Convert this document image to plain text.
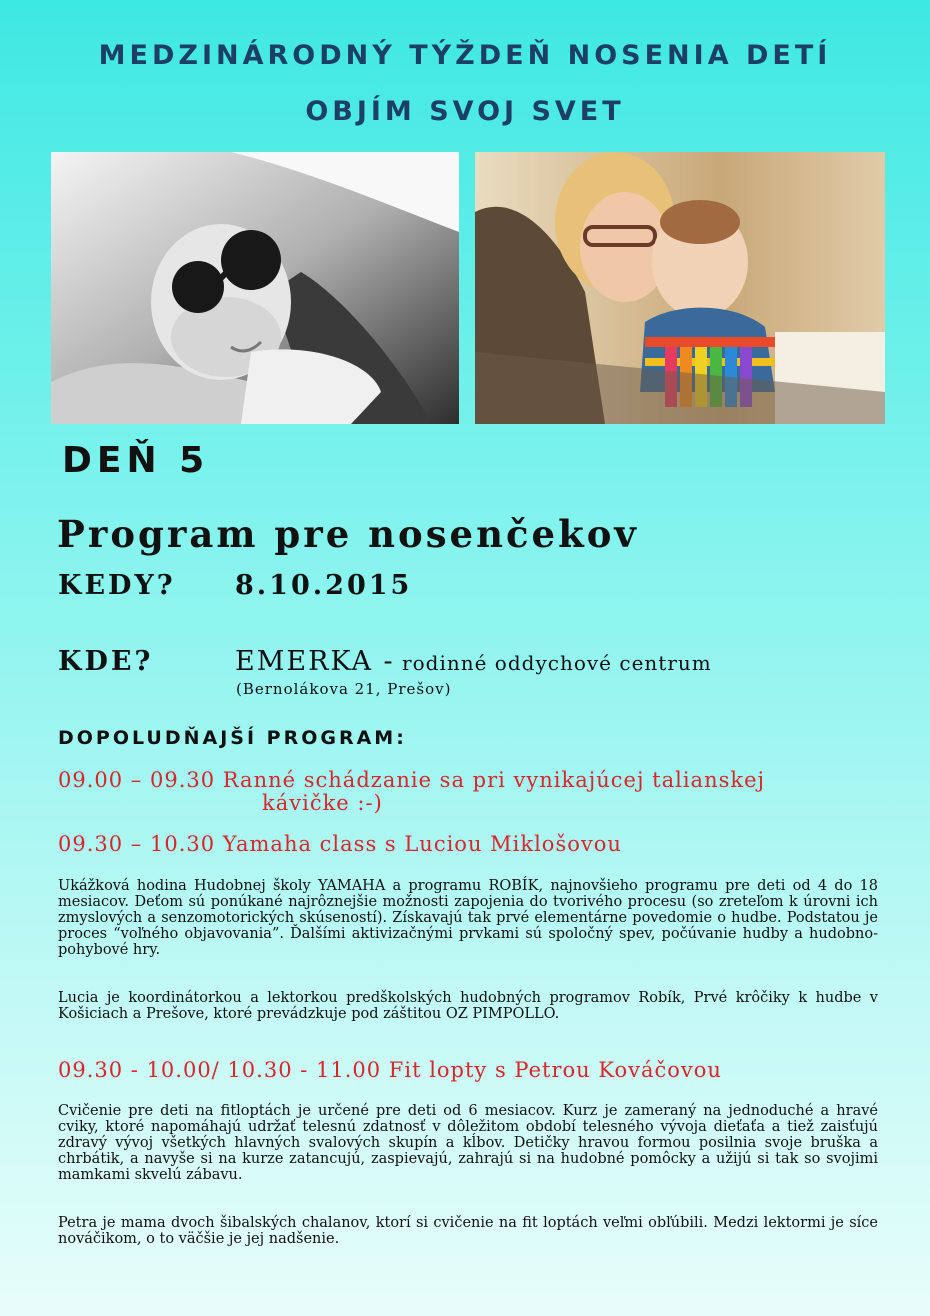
MEDZINÁRODNÝ TÝŽDEŇ NOSENIA DETÍ
OBJÍM SVOJ SVET
DEŇ 5
Program pre nosenčekov
KEDY? 8.10.2015
KDE?	EMERKA - rodinné oddychové centrum
(Bernolákova 21, Prešov)
DOPOLUDŇAJŠÍ PROGRAM:
09.00 – 09.30 Ranné schádzanie sa pri vynikajúcej talianskej
kávičke :-)
09.30 – 10.30 Yamaha class s Luciou Miklošovou
Ukážková hodina Hudobnej školy YAMAHA a programu ROBÍK, najnovšieho programu pre deti od 4 do 18 mesiacov. Deťom sú ponúkané najrôznejšie možnosti zapojenia do tvorivého procesu (so zreteľom k úrovni ich zmyslových a senzomotorických skúseností). Získavajú tak prvé elementárne povedomie o hudbe. Podstatou je proces “voľného objavovania”. Ďalšími aktivizačnými prvkami sú spoločný spev, počúvanie hudby a hudobno-pohybové hry.
Lucia je koordinátorkou a lektorkou predškolských hudobných programov Robík, Prvé krôčiky k hudbe v Košiciach a Prešove, ktoré prevádzkuje pod záštitou OZ PIMPOLLO.
09.30 - 10.00/ 10.30 - 11.00 Fit lopty s Petrou Kováčovou
Cvičenie pre deti na fitloptách je určené pre deti od 6 mesiacov. Kurz je zameraný na jednoduché a hravé cviky, ktoré napomáhajú udržať telesnú zdatnosť v dôležitom období telesného vývoja dieťaťa a tiež zaisťujú zdravý vývoj všetkých hlavných svalových skupín a kĺbov. Detičky hravou formou posilnia svoje bruška a chrbátik, a navyše si na kurze zatancujú, zaspievajú, zahrajú si na hudobné pomôcky a užijú si tak so svojimi mamkami skvelú zábavu.
Petra je mama dvoch šibalských chalanov, ktorí si cvičenie na fit loptách veľmi obľúbili. Medzi lektormi je síce nováčikom, o to väčšie je jej nadšenie.
